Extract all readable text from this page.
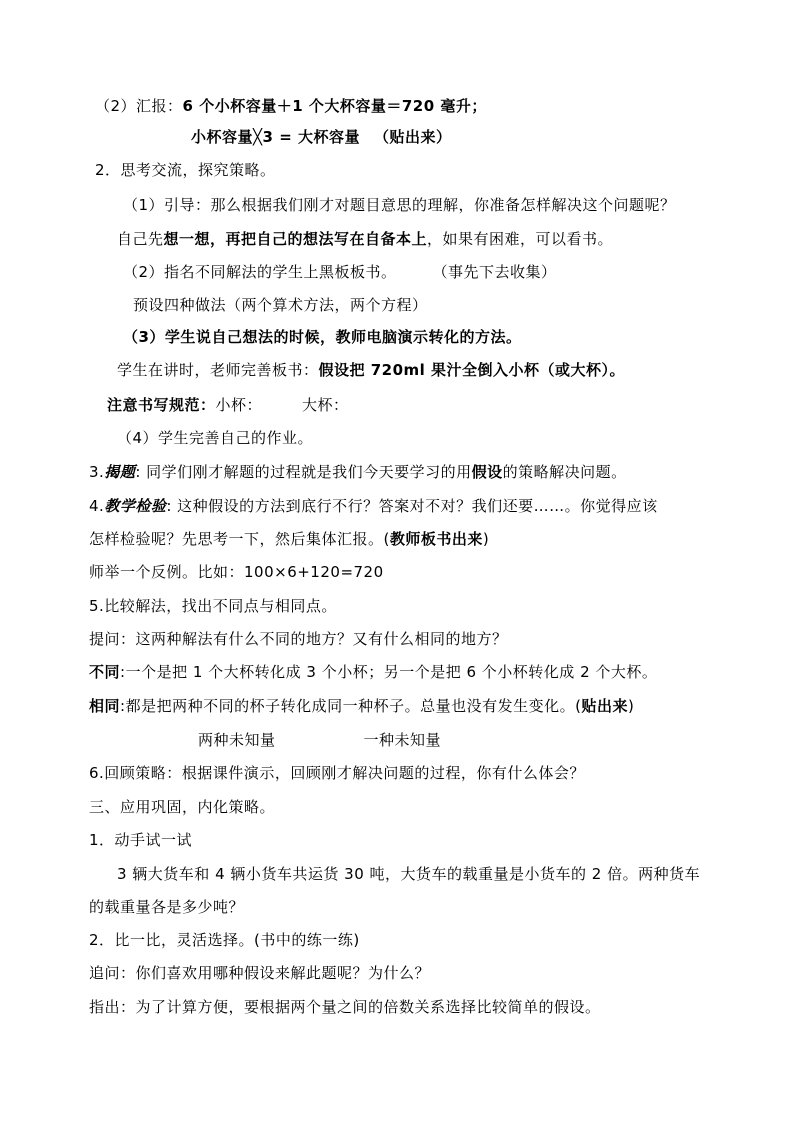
（2）汇报：6 个小杯容量＋1 个大杯容量＝720 毫升；
小杯容量╳3 = 大杯容量 （贴出来）
2．思考交流，探究策略。
（1）引导：那么根据我们刚才对题目意思的理解，你准备怎样解决这个问题呢？
自己先想一想，再把自己的想法写在自备本上，如果有困难，可以看书。
（2）指名不同解法的学生上黑板板书。 （事先下去收集）
预设四种做法（两个算术方法，两个方程）
（3）学生说自己想法的时候，教师电脑演示转化的方法。
学生在讲时，老师完善板书：假设把 720ml 果汁全倒入小杯（或大杯）。
注意书写规范：小杯：	大杯：
（4）学生完善自己的作业。
3.揭题: 同学们刚才解题的过程就是我们今天要学习的用假设的策略解决问题。
4.教学检验: 这种假设的方法到底行不行？答案对不对？我们还要……。你觉得应该
怎样检验呢？先思考一下，然后集体汇报。(教师板书出来)
师举一个反例。比如：100×6+120=720
5.比较解法，找出不同点与相同点。
提问：这两种解法有什么不同的地方？又有什么相同的地方？
不同:一个是把 1 个大杯转化成 3 个小杯；另一个是把 6 个小杯转化成 2 个大杯。
相同:都是把两种不同的杯子转化成同一种杯子。总量也没有发生变化。(贴出来)
两种未知量	一种未知量
6.回顾策略：根据课件演示，回顾刚才解决问题的过程，你有什么体会？
三、应用巩固，内化策略。
1．动手试一试
3 辆大货车和 4 辆小货车共运货 30 吨，大货车的载重量是小货车的 2 倍。两种货车
的载重量各是多少吨？
2．比一比，灵活选择。(书中的练一练)
追问：你们喜欢用哪种假设来解此题呢？为什么？
指出：为了计算方便，要根据两个量之间的倍数关系选择比较简单的假设。
